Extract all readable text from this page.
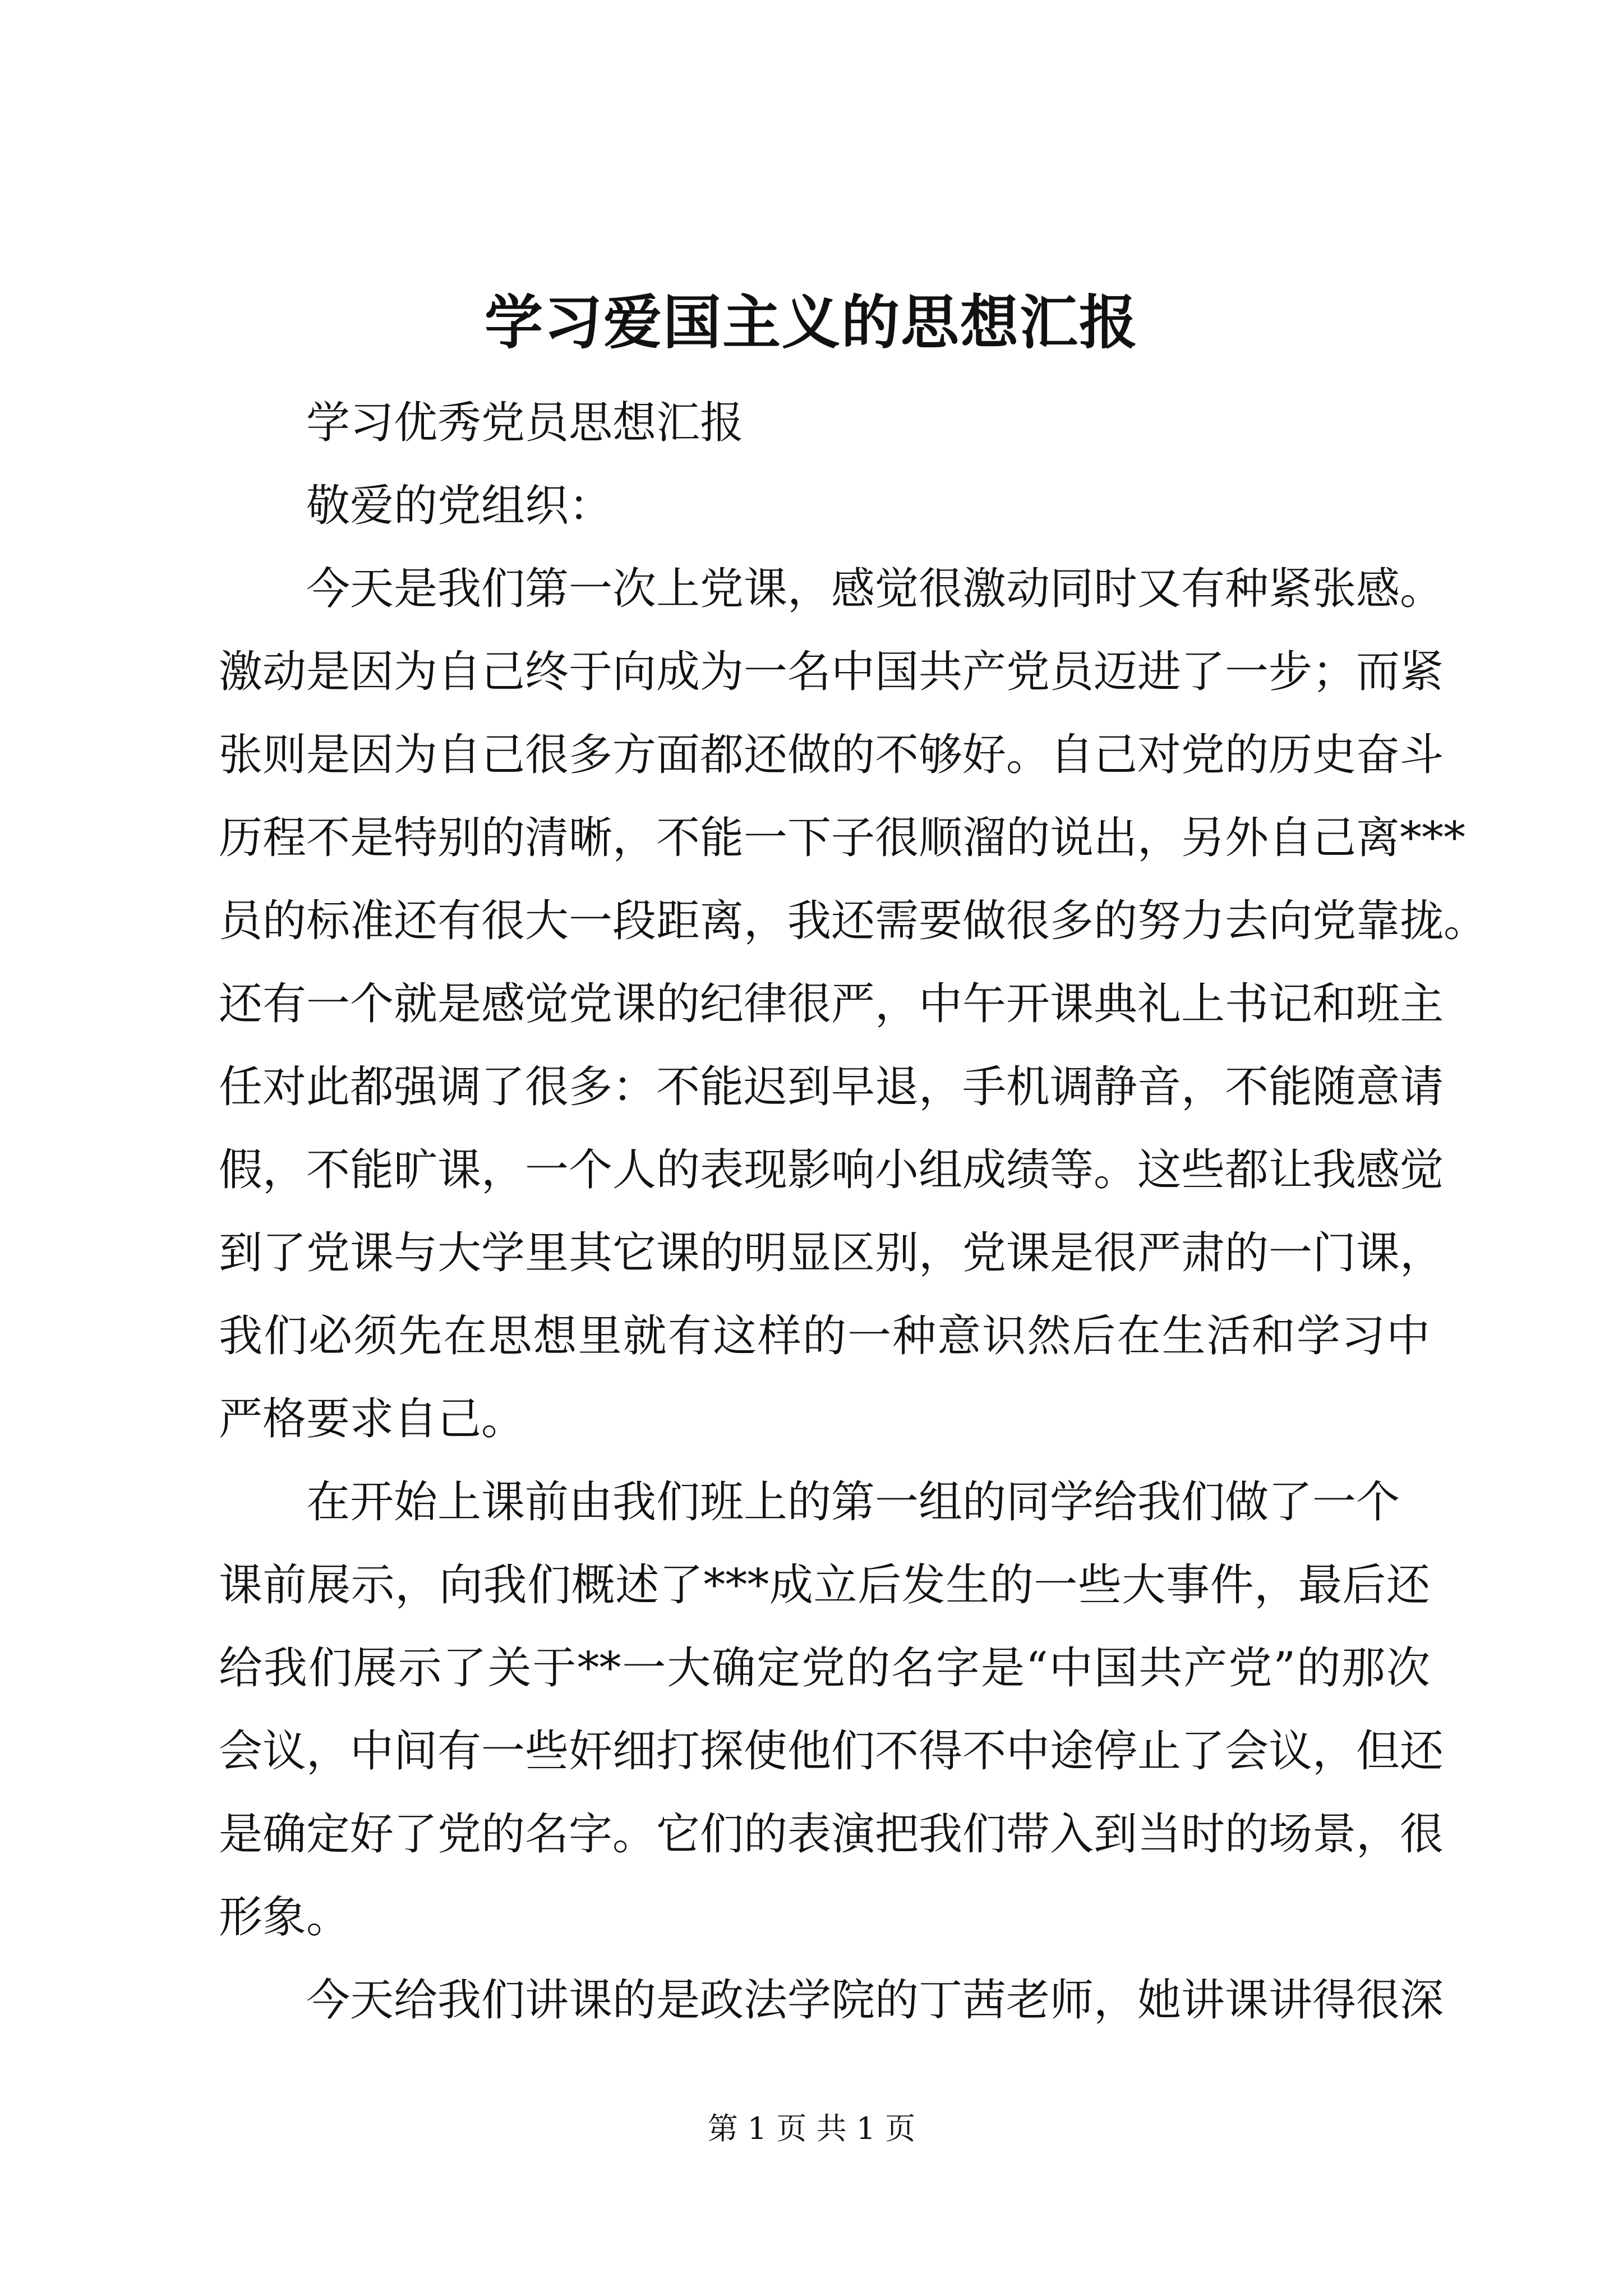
学习爱国主义的思想汇报
学习优秀党员思想汇报
敬爱的党组织：
今天是我们第一次上党课，感觉很激动同时又有种紧张感。
激动是因为自己终于向成为一名中国共产党员迈进了一步；而紧
张则是因为自己很多方面都还做的不够好。自己对党的历史奋斗
历程不是特别的清晰，不能一下子很顺溜的说出，另外自己离***
员的标准还有很大一段距离，我还需要做很多的努力去向党靠拢。
还有一个就是感觉党课的纪律很严，中午开课典礼上书记和班主
任对此都强调了很多：不能迟到早退，手机调静音，不能随意请
假，不能旷课，一个人的表现影响小组成绩等。这些都让我感觉
到了党课与大学里其它课的明显区别，党课是很严肃的一门课，
我们必须先在思想里就有这样的一种意识然后在生活和学习中
严格要求自己。
在开始上课前由我们班上的第一组的同学给我们做了一个
课前展示，向我们概述了***成立后发生的一些大事件，最后还
给我们展示了关于**一大确定党的名字是“中国共产党”的那次
会议，中间有一些奸细打探使他们不得不中途停止了会议，但还
是确定好了党的名字。它们的表演把我们带入到当时的场景，很
形象。
今天给我们讲课的是政法学院的丁茜老师，她讲课讲得很深
第 1 页 共 1 页
